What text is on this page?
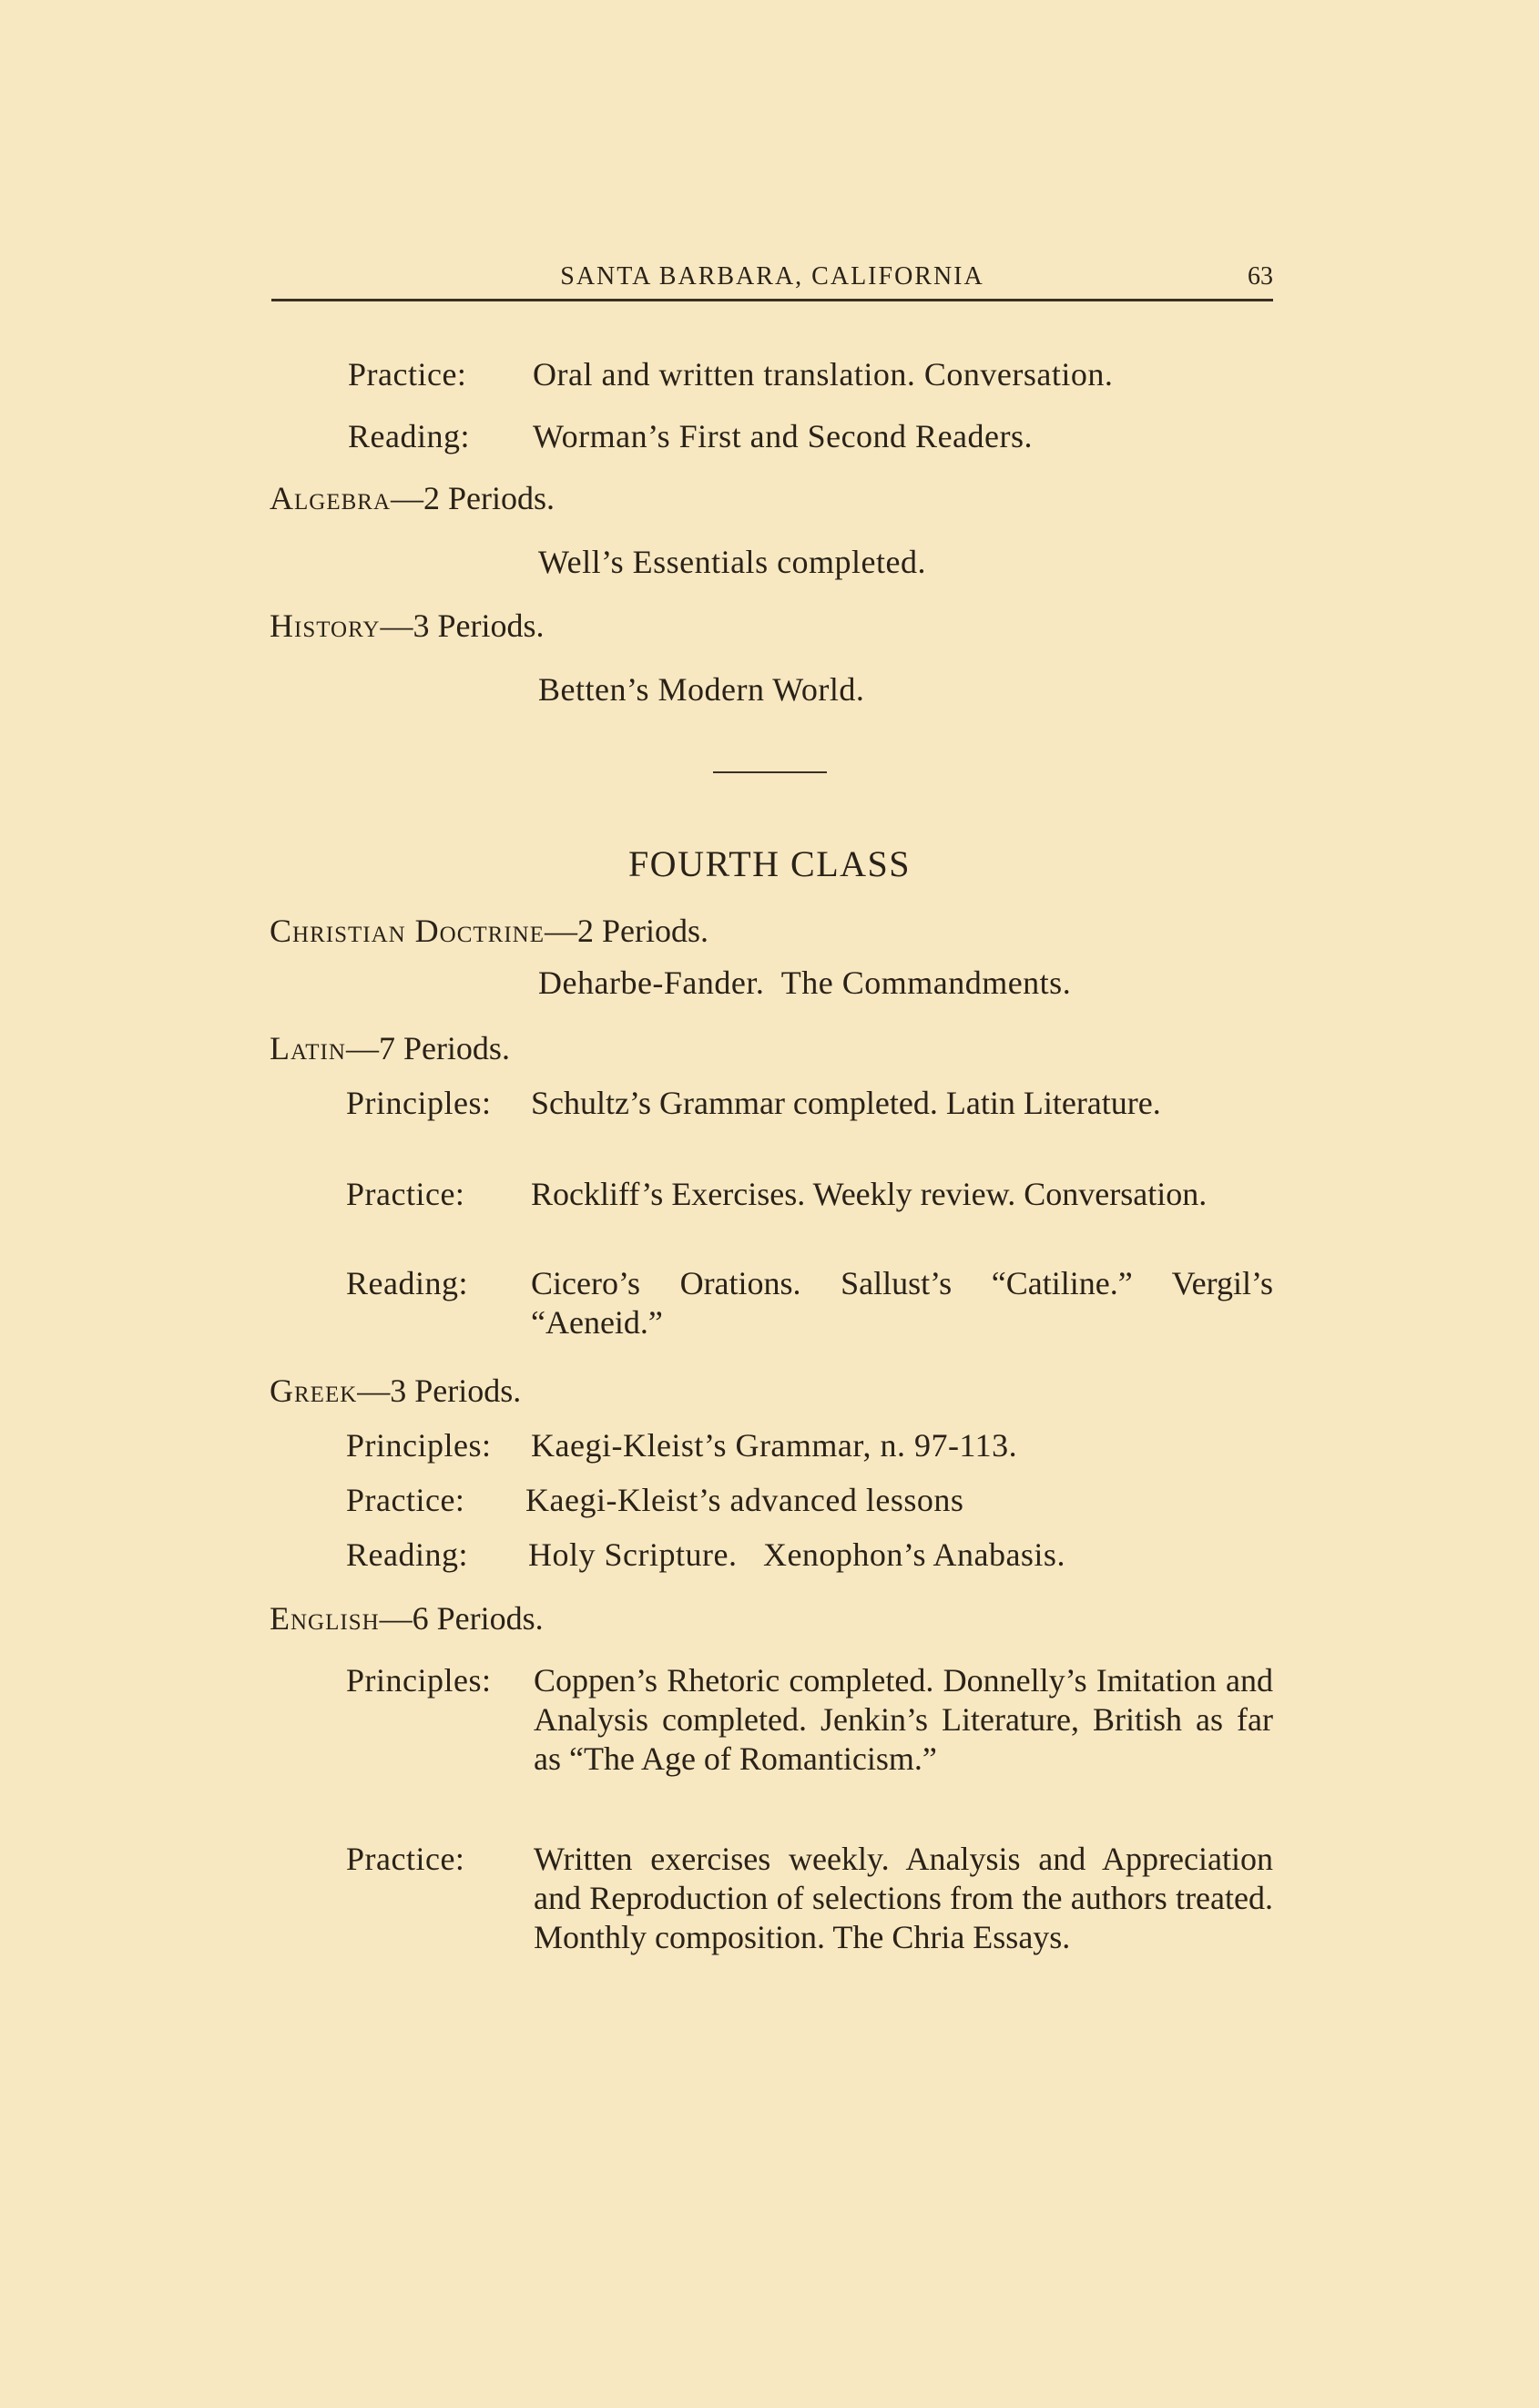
SANTA BARBARA, CALIFORNIA	63
Practice: Oral and written translation. Conversation.
Reading: Worman’s First and Second Readers.
Algebra—2 Periods.
Well’s Essentials completed.
History—3 Periods.
Betten’s Modern World.
FOURTH CLASS
Christian Doctrine—2 Periods.
Deharbe-Fander.  The Commandments.
Latin—7 Periods.
Principles: Schultz’s Grammar completed. Latin Literature.
Practice: Rockliff’s Exercises. Weekly review. Conversation.
Reading: Cicero’s Orations. Sallust’s “Catiline.” Vergil’s “Aeneid.”
Greek—3 Periods.
Principles: Kaegi-Kleist’s Grammar, n. 97-113.
Practice: Kaegi-Kleist’s advanced lessons
Reading: Holy Scripture.   Xenophon’s Anabasis.
English—6 Periods.
Principles: Coppen’s Rhetoric completed. Donnelly’s Imitation and Analysis completed. Jenkin’s Literature, British as far as “The Age of Romanticism.”
Practice: Written exercises weekly. Analysis and Appreciation and Reproduction of selections from the authors treated. Monthly composition. The Chria Essays.
